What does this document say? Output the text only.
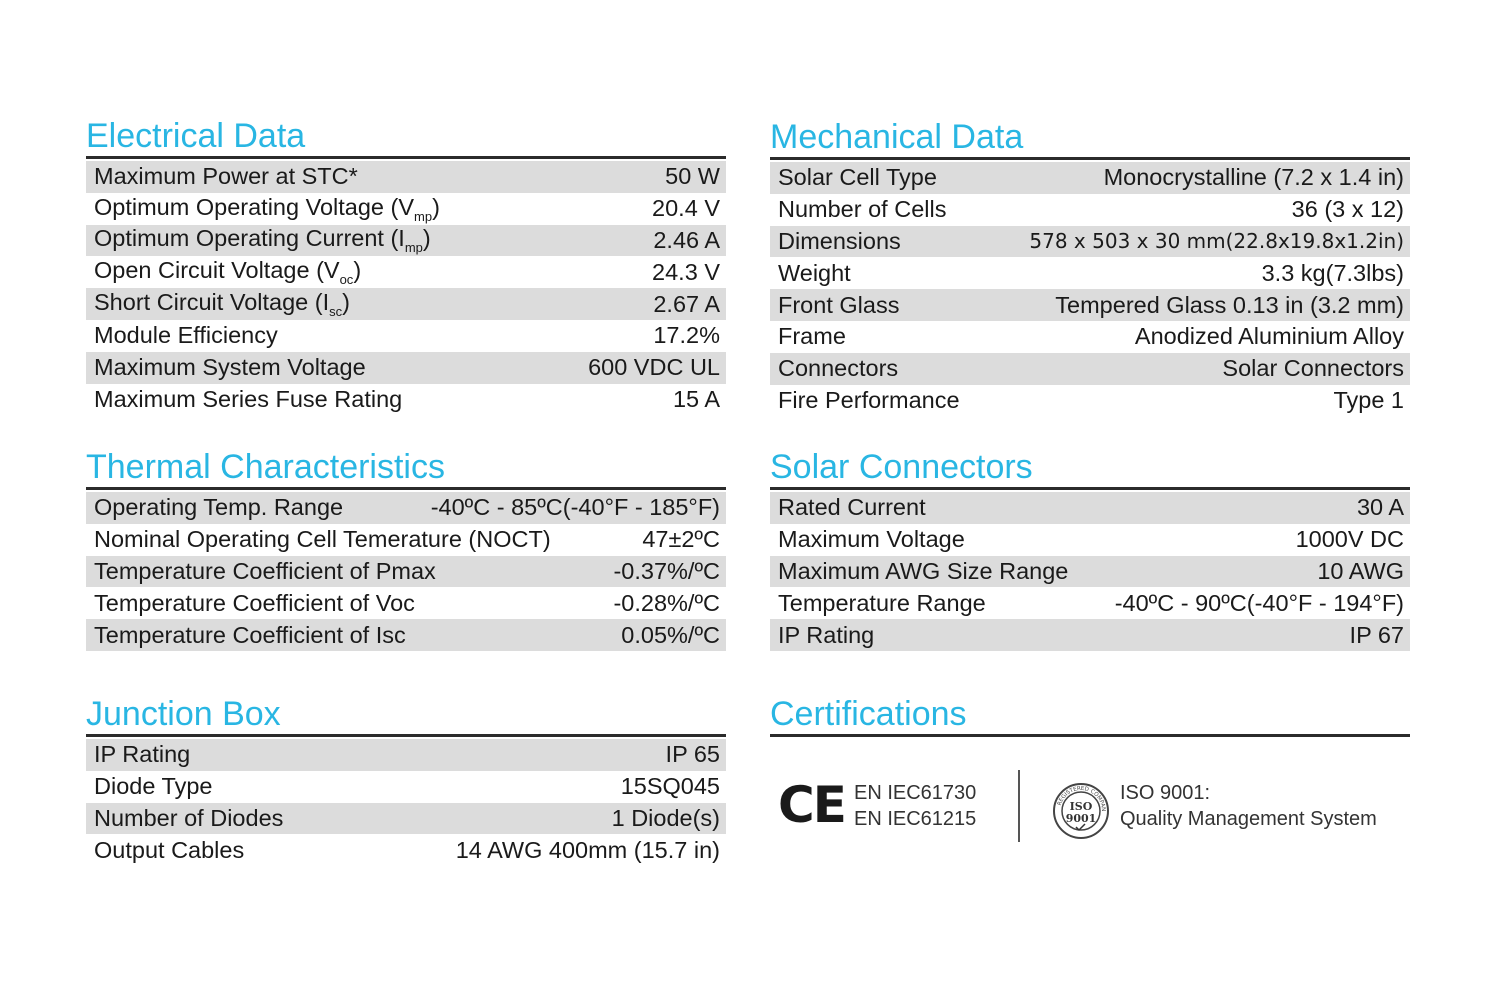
Electrical Data
Maximum Power at STC*	50 W
Optimum Operating Voltage $(V_{mp})$	20.4 V
Optimum Operating Current $(I_{mp})$	2.46 A
Open Circuit Voltage $(V_{oc})$	24.3 V
Short Circuit Voltage $(I_{sc})$	2.67 A
Module Efficiency	17.2%
Maximum System Voltage	600 VDC UL
Maximum Series Fuse Rating	15 A
Mechanical Data
Solar Cell Type	Monocrystalline (7.2 x 1.4 in)
Number of Cells	36 (3 x 12)
Dimensions	578 x 503 x 30 mm(22.8x19.8x1.2in)
Weight	3.3 kg(7.3lbs)
Front Glass	Tempered Glass 0.13 in (3.2 mm)
Frame	Anodized Aluminium Alloy
Connectors	Solar Connectors
Fire Performance	Type 1
Thermal Characteristics
Operating Temp. Range	-40ºC - 85ºC(-40°F - 185°F)
Nominal Operating Cell Temerature (NOCT)	47±2ºC
Temperature Coefficient of Pmax	-0.37%/ºC
Temperature Coefficient of Voc	-0.28%/ºC
Temperature Coefficient of Isc	0.05%/ºC
Solar Connectors
Rated Current	30 A
Maximum Voltage	1000V DC
Maximum AWG Size Range	10 AWG
Temperature Range	-40ºC - 90ºC(-40°F - 194°F)
IP Rating	IP 67
Junction Box
IP Rating	IP 65
Diode Type	15SQ045
Number of Diodes	1 Diode(s)
Output Cables	14 AWG 400mm (15.7 in)
Certifications
CE EN IEC61730
EN IEC61215
REGISTERED COMPAN
ISO
9001
ISO 9001:
Quality Management System
